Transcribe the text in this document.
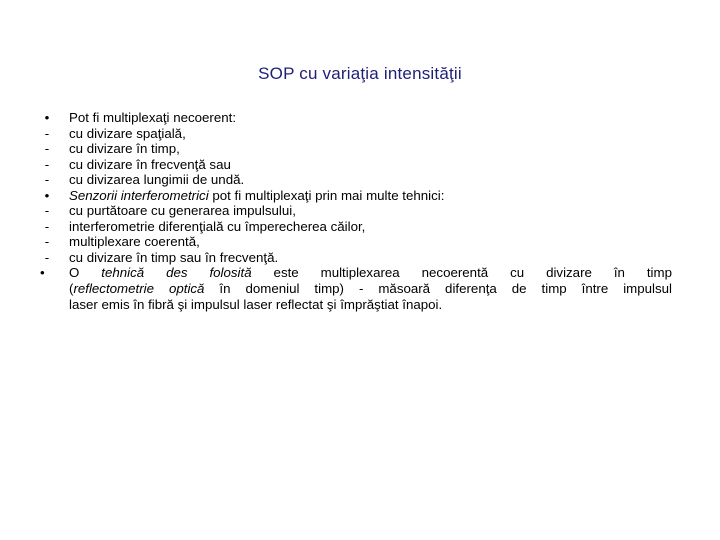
SOP cu variaţia intensităţii
•	Pot fi multiplexaţi necoerent:
-	cu divizare spaţială,
-	cu divizare în timp,
-	cu divizare în frecvenţă sau
-	cu divizarea lungimii de undă.
•	Senzorii interferometrici pot fi multiplexaţi prin mai multe tehnici:
-	cu purtătoare cu generarea impulsului,
-	interferometrie diferenţială cu împerecherea căilor,
-	multiplexare coerentă,
-	cu divizare în timp sau în frecvenţă.
•	O tehnică des folosită este multiplexarea necoerentă cu divizare în timp
(reflectometrie optică în domeniul timp) - măsoară diferenţa de timp între impulsul
laser emis în fibră şi impulsul laser reflectat şi împrăştiat înapoi.
